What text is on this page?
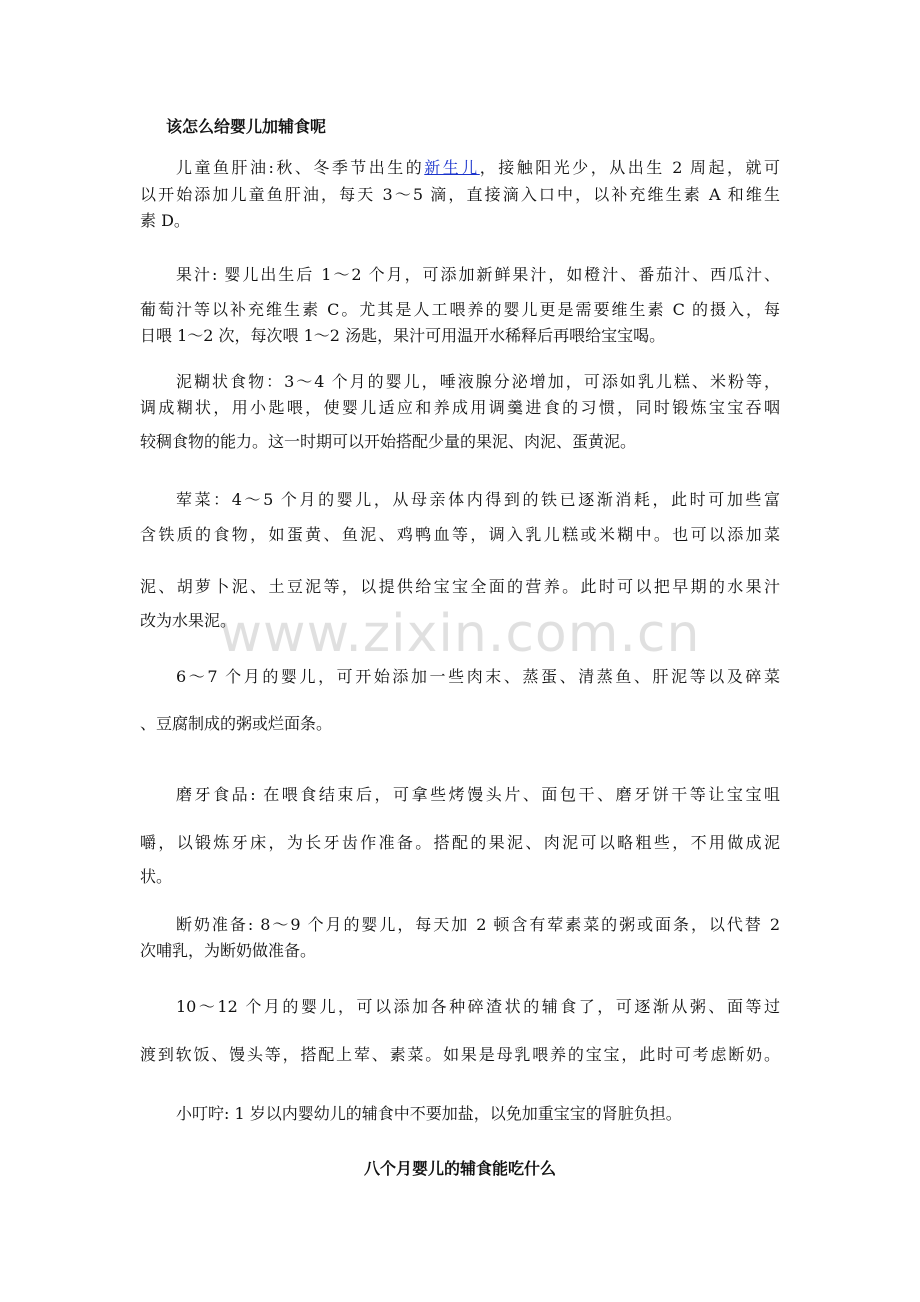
该怎么给婴儿加辅食呢
儿童鱼肝油:秋、冬季节出生的新生儿，接触阳光少，从出生 2 周起，就可
以开始添加儿童鱼肝油，每天 3～5 滴，直接滴入口中，以补充维生素 A 和维生
素 D。
果汁: 婴儿出生后 1～2 个月，可添加新鲜果汁，如橙汁、番茄汁、西瓜汁、
葡萄汁等以补充维生素 C。尤其是人工喂养的婴儿更是需要维生素 C 的摄入，每
日喂 1～2 次，每次喂 1～2 汤匙，果汁可用温开水稀释后再喂给宝宝喝。
泥糊状食物：3～4 个月的婴儿，唾液腺分泌增加，可添如乳儿糕、米粉等，
调成糊状，用小匙喂，使婴儿适应和养成用调羹进食的习惯，同时锻炼宝宝吞咽
较稠食物的能力。这一时期可以开始搭配少量的果泥、肉泥、蛋黄泥。
荤菜：4～5 个月的婴儿，从母亲体内得到的铁已逐渐消耗，此时可加些富
含铁质的食物，如蛋黄、鱼泥、鸡鸭血等，调入乳儿糕或米糊中。也可以添加菜
泥、胡萝卜泥、土豆泥等，以提供给宝宝全面的营养。此时可以把早期的水果汁
改为水果泥。
www.zixin.com.cn
6～7 个月的婴儿，可开始添加一些肉末、蒸蛋、清蒸鱼、肝泥等以及碎菜
、豆腐制成的粥或烂面条。
磨牙食品: 在喂食结束后，可拿些烤馒头片、面包干、磨牙饼干等让宝宝咀
嚼，以锻炼牙床，为长牙齿作准备。搭配的果泥、肉泥可以略粗些，不用做成泥
状。
断奶准备: 8～9 个月的婴儿，每天加 2 顿含有荤素菜的粥或面条，以代替 2
次哺乳，为断奶做准备。
10～12 个月的婴儿，可以添加各种碎渣状的辅食了，可逐渐从粥、面等过
渡到软饭、馒头等，搭配上荤、素菜。如果是母乳喂养的宝宝，此时可考虑断奶。
小叮咛: 1 岁以内婴幼儿的辅食中不要加盐，以免加重宝宝的肾脏负担。
八个月婴儿的辅食能吃什么
